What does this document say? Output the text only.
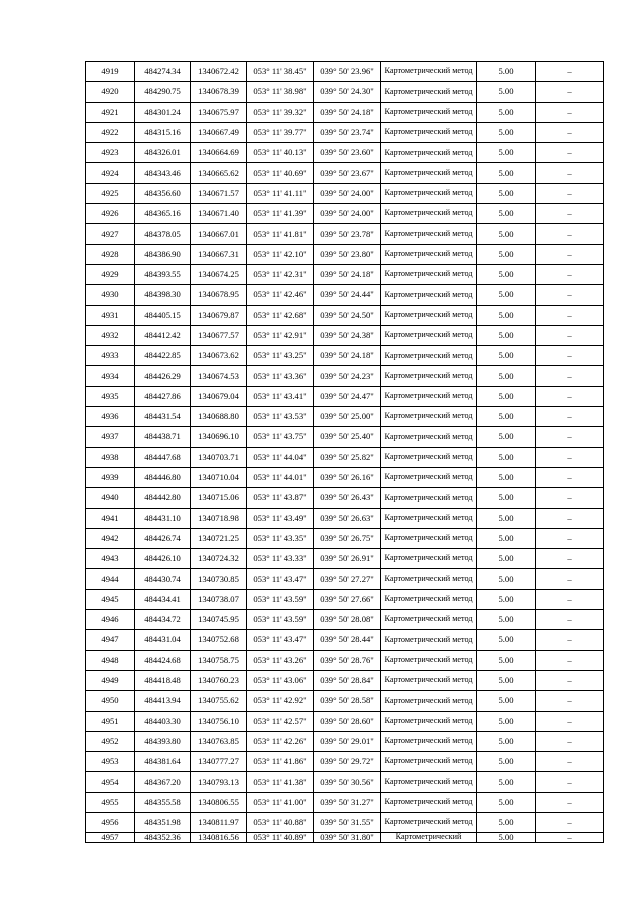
4919	484274.34	1340672.42	053° 11' 38.45"	039° 50' 23.96"	Картометрический метод	5.00	–
4920	484290.75	1340678.39	053° 11' 38.98"	039° 50' 24.30"	Картометрический метод	5.00	–
4921	484301.24	1340675.97	053° 11' 39.32"	039° 50' 24.18"	Картометрический метод	5.00	–
4922	484315.16	1340667.49	053° 11' 39.77"	039° 50' 23.74"	Картометрический метод	5.00	–
4923	484326.01	1340664.69	053° 11' 40.13"	039° 50' 23.60"	Картометрический метод	5.00	–
4924	484343.46	1340665.62	053° 11' 40.69"	039° 50' 23.67"	Картометрический метод	5.00	–
4925	484356.60	1340671.57	053° 11' 41.11"	039° 50' 24.00"	Картометрический метод	5.00	–
4926	484365.16	1340671.40	053° 11' 41.39"	039° 50' 24.00"	Картометрический метод	5.00	–
4927	484378.05	1340667.01	053° 11' 41.81"	039° 50' 23.78"	Картометрический метод	5.00	–
4928	484386.90	1340667.31	053° 11' 42.10"	039° 50' 23.80"	Картометрический метод	5.00	–
4929	484393.55	1340674.25	053° 11' 42.31"	039° 50' 24.18"	Картометрический метод	5.00	–
4930	484398.30	1340678.95	053° 11' 42.46"	039° 50' 24.44"	Картометрический метод	5.00	–
4931	484405.15	1340679.87	053° 11' 42.68"	039° 50' 24.50"	Картометрический метод	5.00	–
4932	484412.42	1340677.57	053° 11' 42.91"	039° 50' 24.38"	Картометрический метод	5.00	–
4933	484422.85	1340673.62	053° 11' 43.25"	039° 50' 24.18"	Картометрический метод	5.00	–
4934	484426.29	1340674.53	053° 11' 43.36"	039° 50' 24.23"	Картометрический метод	5.00	–
4935	484427.86	1340679.04	053° 11' 43.41"	039° 50' 24.47"	Картометрический метод	5.00	–
4936	484431.54	1340688.80	053° 11' 43.53"	039° 50' 25.00"	Картометрический метод	5.00	–
4937	484438.71	1340696.10	053° 11' 43.75"	039° 50' 25.40"	Картометрический метод	5.00	–
4938	484447.68	1340703.71	053° 11' 44.04"	039° 50' 25.82"	Картометрический метод	5.00	–
4939	484446.80	1340710.04	053° 11' 44.01"	039° 50' 26.16"	Картометрический метод	5.00	–
4940	484442.80	1340715.06	053° 11' 43.87"	039° 50' 26.43"	Картометрический метод	5.00	–
4941	484431.10	1340718.98	053° 11' 43.49"	039° 50' 26.63"	Картометрический метод	5.00	–
4942	484426.74	1340721.25	053° 11' 43.35"	039° 50' 26.75"	Картометрический метод	5.00	–
4943	484426.10	1340724.32	053° 11' 43.33"	039° 50' 26.91"	Картометрический метод	5.00	–
4944	484430.74	1340730.85	053° 11' 43.47"	039° 50' 27.27"	Картометрический метод	5.00	–
4945	484434.41	1340738.07	053° 11' 43.59"	039° 50' 27.66"	Картометрический метод	5.00	–
4946	484434.72	1340745.95	053° 11' 43.59"	039° 50' 28.08"	Картометрический метод	5.00	–
4947	484431.04	1340752.68	053° 11' 43.47"	039° 50' 28.44"	Картометрический метод	5.00	–
4948	484424.68	1340758.75	053° 11' 43.26"	039° 50' 28.76"	Картометрический метод	5.00	–
4949	484418.48	1340760.23	053° 11' 43.06"	039° 50' 28.84"	Картометрический метод	5.00	–
4950	484413.94	1340755.62	053° 11' 42.92"	039° 50' 28.58"	Картометрический метод	5.00	–
4951	484403.30	1340756.10	053° 11' 42.57"	039° 50' 28.60"	Картометрический метод	5.00	–
4952	484393.80	1340763.85	053° 11' 42.26"	039° 50' 29.01"	Картометрический метод	5.00	–
4953	484381.64	1340777.27	053° 11' 41.86"	039° 50' 29.72"	Картометрический метод	5.00	–
4954	484367.20	1340793.13	053° 11' 41.38"	039° 50' 30.56"	Картометрический метод	5.00	–
4955	484355.58	1340806.55	053° 11' 41.00"	039° 50' 31.27"	Картометрический метод	5.00	–
4956	484351.98	1340811.97	053° 11' 40.88"	039° 50' 31.55"	Картометрический метод	5.00	–
4957	484352.36	1340816.56	053° 11' 40.89"	039° 50' 31.80"	Картометрический	5.00	–
